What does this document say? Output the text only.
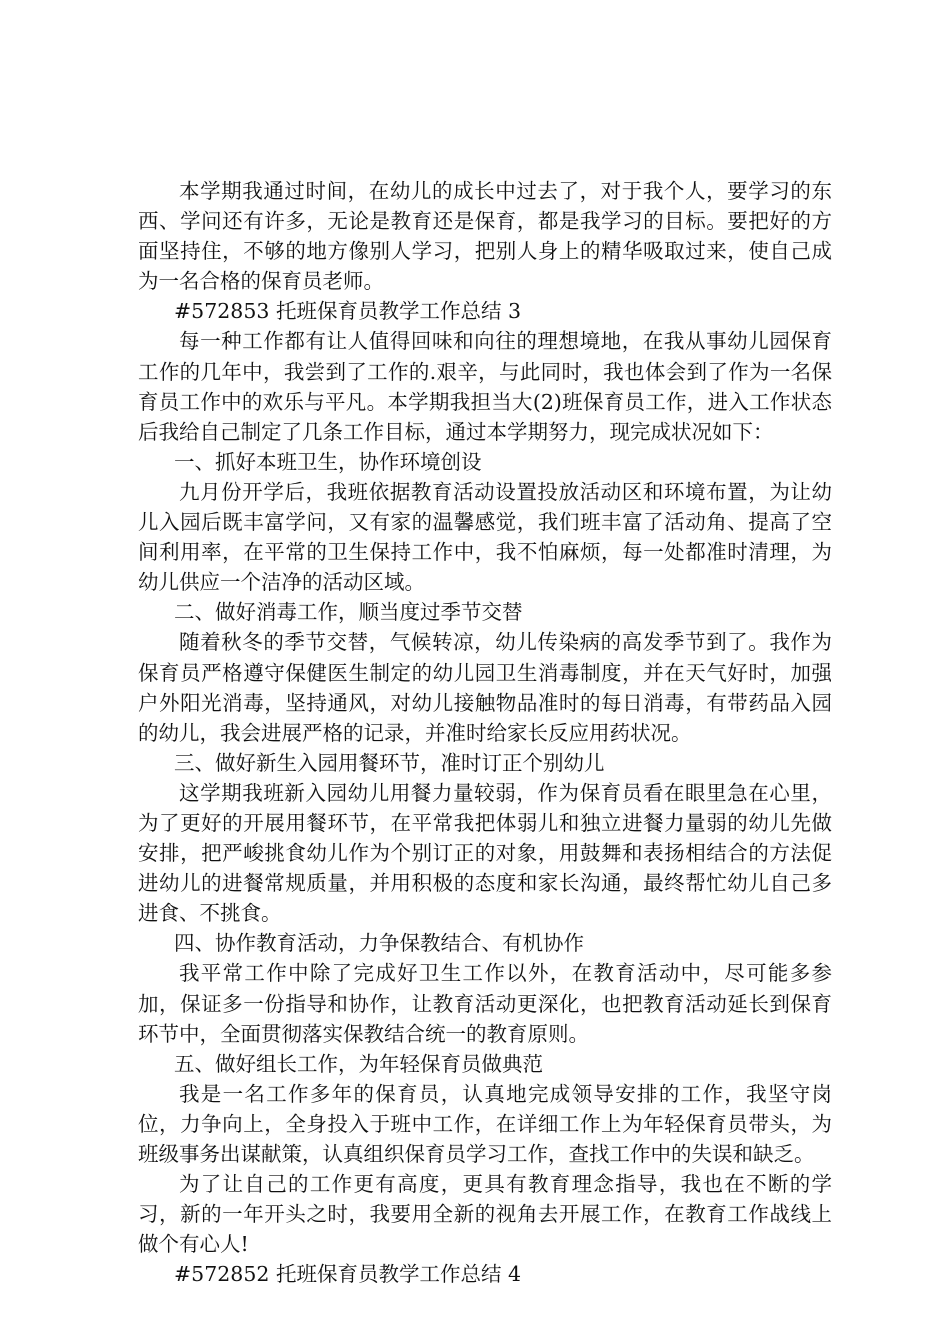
本学期我通过时间，在幼儿的成长中过去了，对于我个人，要学习的东西、学问还有许多，无论是教育还是保育，都是我学习的目标。要把好的方面坚持住，不够的地方像别人学习，把别人身上的精华吸取过来，使自己成为一名合格的保育员老师。

#572853 托班保育员教学工作总结 3

每一种工作都有让人值得回味和向往的理想境地，在我从事幼儿园保育工作的几年中，我尝到了工作的.艰辛，与此同时，我也体会到了作为一名保育员工作中的欢乐与平凡。本学期我担当大(2)班保育员工作，进入工作状态后我给自己制定了几条工作目标，通过本学期努力，现完成状况如下：

一、抓好本班卫生，协作环境创设

九月份开学后，我班依据教育活动设置投放活动区和环境布置，为让幼儿入园后既丰富学问，又有家的温馨感觉，我们班丰富了活动角、提高了空间利用率，在平常的卫生保持工作中，我不怕麻烦，每一处都准时清理，为幼儿供应一个洁净的活动区域。

二、做好消毒工作，顺当度过季节交替

随着秋冬的季节交替，气候转凉，幼儿传染病的高发季节到了。我作为保育员严格遵守保健医生制定的幼儿园卫生消毒制度，并在天气好时，加强户外阳光消毒，坚持通风，对幼儿接触物品准时的每日消毒，有带药品入园的幼儿，我会进展严格的记录，并准时给家长反应用药状况。

三、做好新生入园用餐环节，准时订正个别幼儿

这学期我班新入园幼儿用餐力量较弱，作为保育员看在眼里急在心里，为了更好的开展用餐环节，在平常我把体弱儿和独立进餐力量弱的幼儿先做安排，把严峻挑食幼儿作为个别订正的对象，用鼓舞和表扬相结合的方法促进幼儿的进餐常规质量，并用积极的态度和家长沟通，最终帮忙幼儿自己多进食、不挑食。

四、协作教育活动，力争保教结合、有机协作

我平常工作中除了完成好卫生工作以外，在教育活动中，尽可能多参加，保证多一份指导和协作，让教育活动更深化，也把教育活动延长到保育环节中，全面贯彻落实保教结合统一的教育原则。

五、做好组长工作，为年轻保育员做典范

我是一名工作多年的保育员，认真地完成领导安排的工作，我坚守岗位，力争向上，全身投入于班中工作，在详细工作上为年轻保育员带头，为班级事务出谋献策，认真组织保育员学习工作，查找工作中的失误和缺乏。

为了让自己的工作更有高度，更具有教育理念指导，我也在不断的学习，新的一年开头之时，我要用全新的视角去开展工作，在教育工作战线上做个有心人!

#572852 托班保育员教学工作总结 4
